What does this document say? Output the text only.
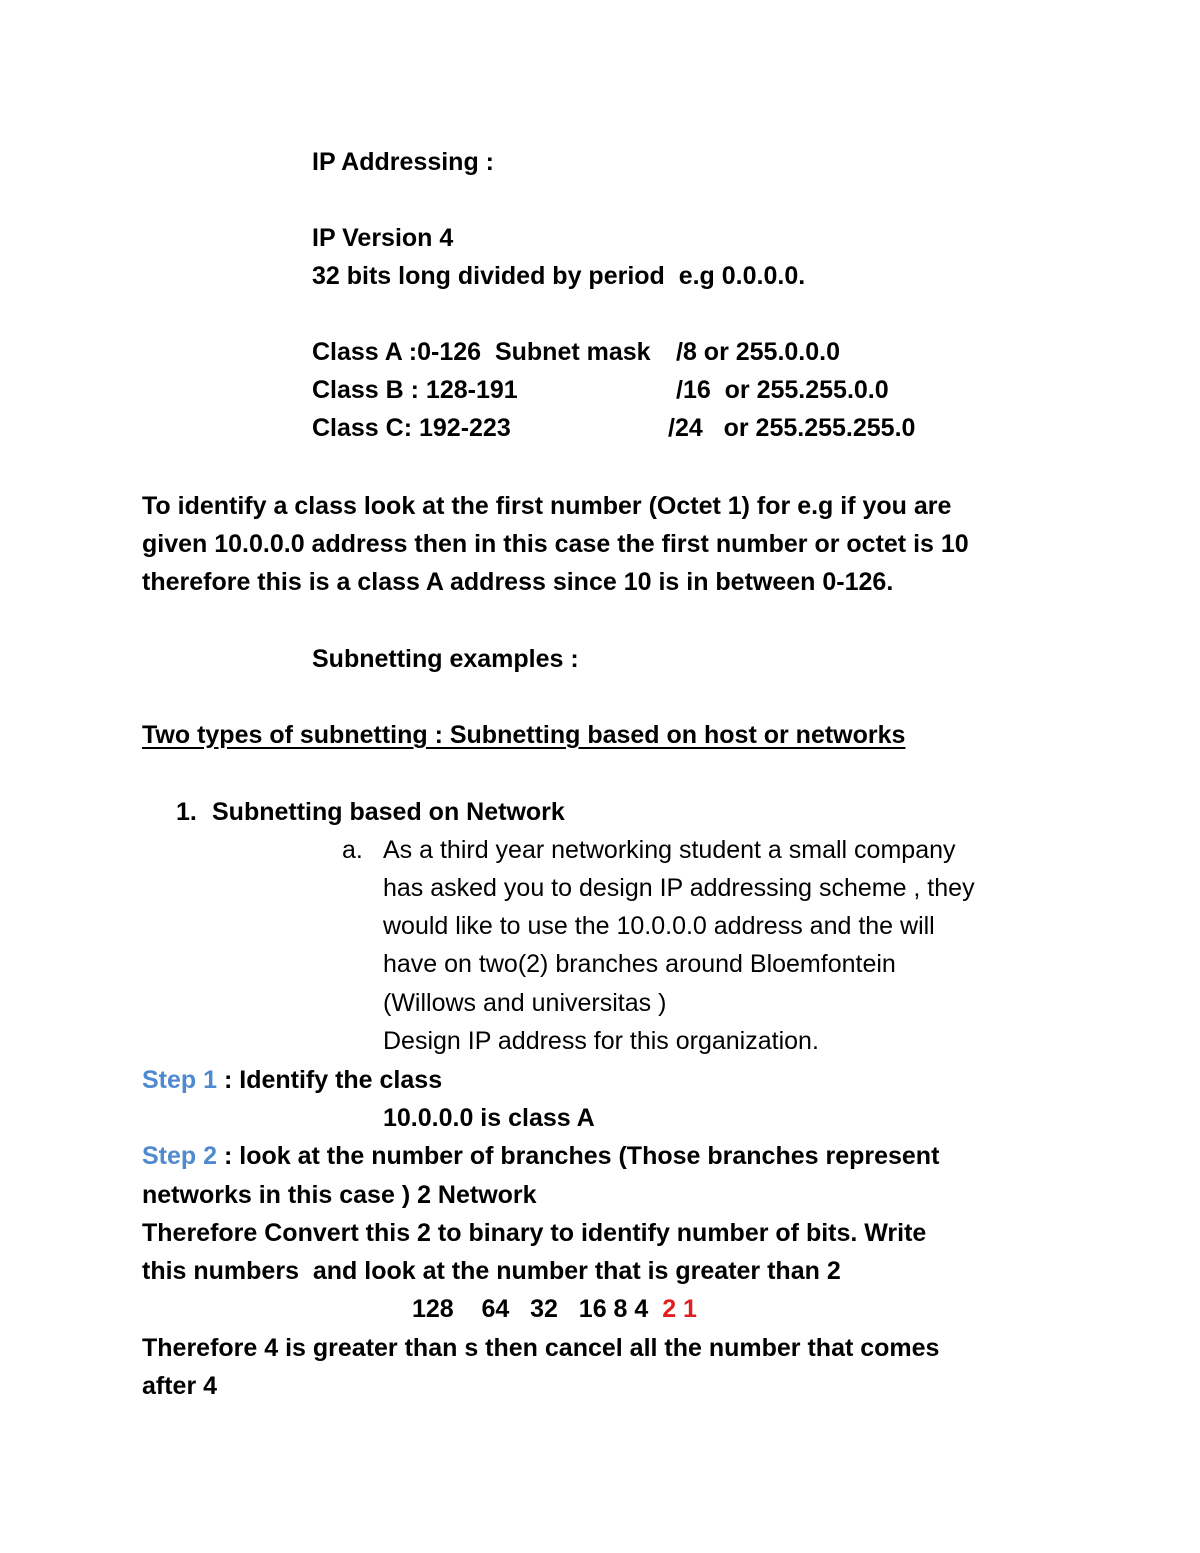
IP Addressing :
IP Version 4
32 bits long divided by period  e.g 0.0.0.0.
Class A :0-126  Subnet mask /8 or 255.0.0.0
Class B : 128-191	/16  or 255.255.0.0
Class C: 192-223	/24   or 255.255.255.0
To identify a class look at the first number (Octet 1) for e.g if you are
given 10.0.0.0 address then in this case the first number or octet is 10
therefore this is a class A address since 10 is in between 0-126.
Subnetting examples :
Two types of subnetting : Subnetting based on host or networks
1. Subnetting based on Network
a. As a third year networking student a small company
has asked you to design IP addressing scheme , they
would like to use the 10.0.0.0 address and the will
have on two(2) branches around Bloemfontein
(Willows and universitas )
Design IP address for this organization.
Step 1 : Identify the class
10.0.0.0 is class A
Step 2 : look at the number of branches (Those branches represent
networks in this case ) 2 Network
Therefore Convert this 2 to binary to identify number of bits. Write
this numbers  and look at the number that is greater than 2
128    64   32   16 8 4  2 1
Therefore 4 is greater than s then cancel all the number that comes
after 4
